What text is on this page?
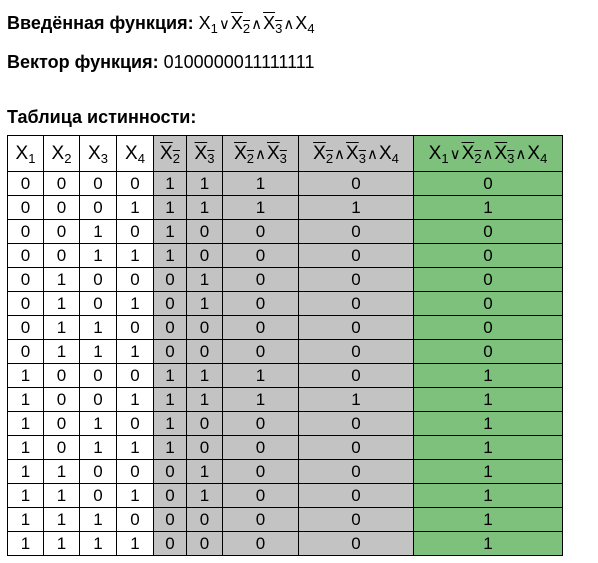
Введённая функция: $X_1\vee X_2\wedge X_3\wedge X_4$
Вектор функция: 0100000011111111
Таблица истинности:
$X_1$	$X_2$	$X_3$	$X_4$	$X_2$	$X_3$	$X_2\wedge X_3$	$X_2\wedge X_3\wedge X_4$	$X_1\vee X_2\wedge X_3\wedge X_4$
0	0	0	0	1	1	1	0	0
0	0	0	1	1	1	1	1	1
0	0	1	0	1	0	0	0	0
0	0	1	1	1	0	0	0	0
0	1	0	0	0	1	0	0	0
0	1	0	1	0	1	0	0	0
0	1	1	0	0	0	0	0	0
0	1	1	1	0	0	0	0	0
1	0	0	0	1	1	1	0	1
1	0	0	1	1	1	1	1	1
1	0	1	0	1	0	0	0	1
1	0	1	1	1	0	0	0	1
1	1	0	0	0	1	0	0	1
1	1	0	1	0	1	0	0	1
1	1	1	0	0	0	0	0	1
1	1	1	1	0	0	0	0	1
